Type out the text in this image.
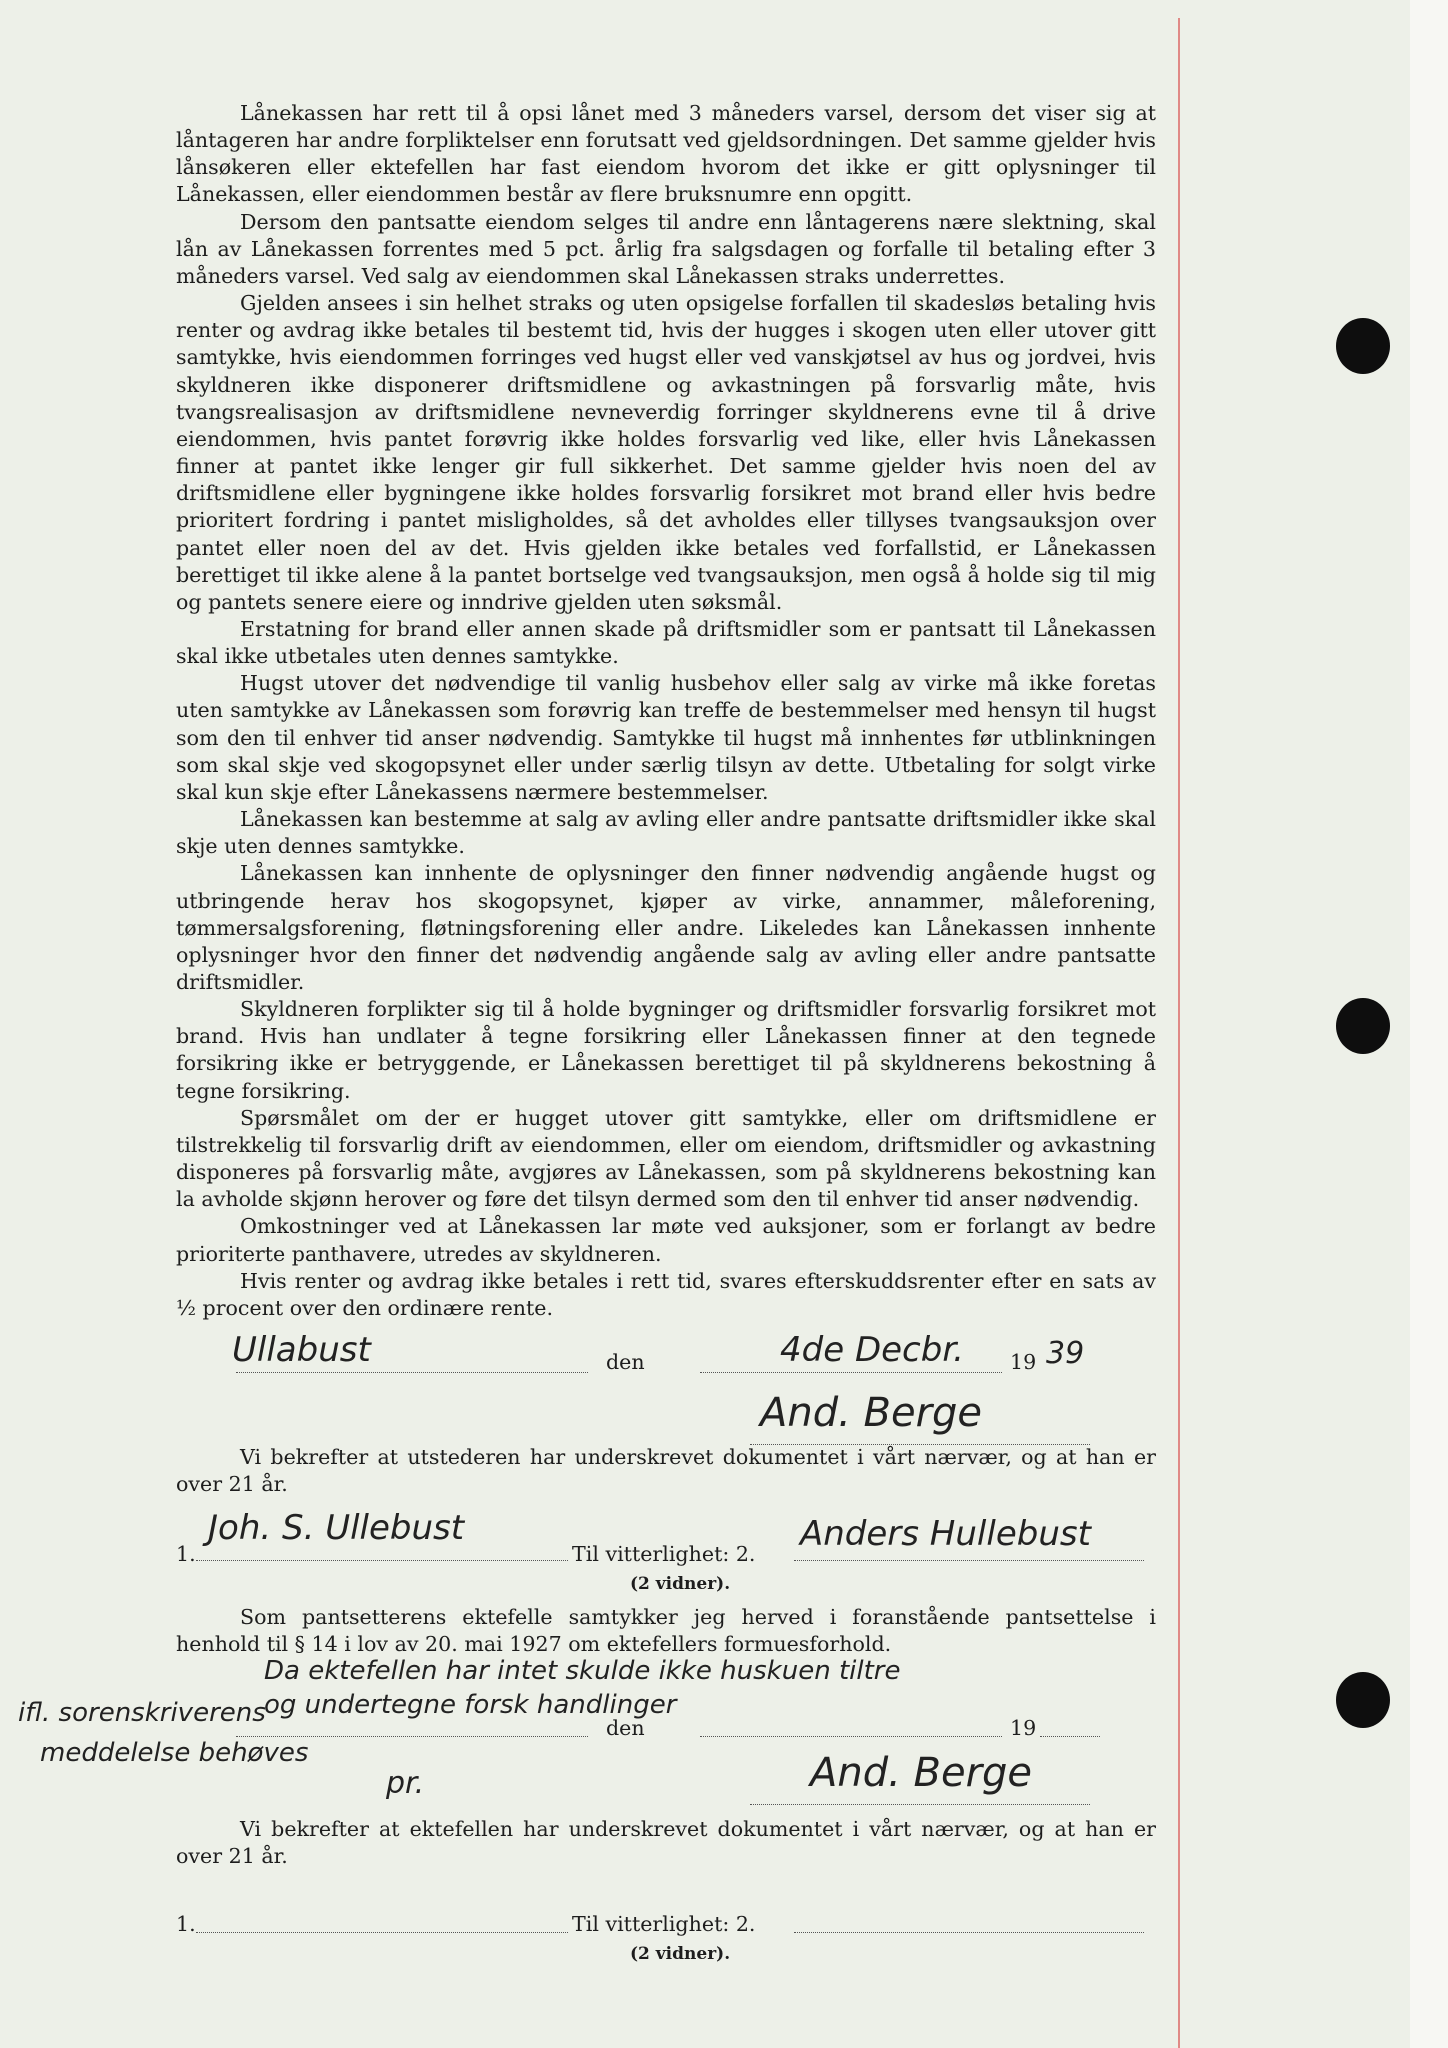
Lånekassen har rett til å opsi lånet med 3 måneders varsel, dersom det viser sig at låntageren har andre forpliktelser enn forutsatt ved gjeldsordningen. Det samme gjelder hvis lånsøkeren eller ektefellen har fast eiendom hvorom det ikke er gitt oplysninger til Lånekassen, eller eiendommen består av flere bruksnumre enn opgitt.

Dersom den pantsatte eiendom selges til andre enn låntagerens nære slektning, skal lån av Lånekassen forrentes med 5 pct. årlig fra salgsdagen og forfalle til betaling efter 3 måneders varsel. Ved salg av eiendommen skal Lånekassen straks underrettes.

Gjelden ansees i sin helhet straks og uten opsigelse forfallen til skadesløs betaling hvis renter og avdrag ikke betales til bestemt tid, hvis der hugges i skogen uten eller utover gitt samtykke, hvis eiendommen forringes ved hugst eller ved vanskjøtsel av hus og jordvei, hvis skyldneren ikke disponerer driftsmidlene og avkastningen på forsvarlig måte, hvis tvangsrealisasjon av driftsmidlene nevneverdig forringer skyldnerens evne til å drive eiendommen, hvis pantet forøvrig ikke holdes forsvarlig ved like, eller hvis Lånekassen finner at pantet ikke lenger gir full sikkerhet. Det samme gjelder hvis noen del av driftsmidlene eller bygningene ikke holdes forsvarlig forsikret mot brand eller hvis bedre prioritert fordring i pantet misligholdes, så det avholdes eller tillyses tvangsauksjon over pantet eller noen del av det. Hvis gjelden ikke betales ved forfallstid, er Lånekassen berettiget til ikke alene å la pantet bortselge ved tvangsauksjon, men også å holde sig til mig og pantets senere eiere og inndrive gjelden uten søksmål.

Erstatning for brand eller annen skade på driftsmidler som er pantsatt til Lånekassen skal ikke utbetales uten dennes samtykke.

Hugst utover det nødvendige til vanlig husbehov eller salg av virke må ikke foretas uten samtykke av Lånekassen som forøvrig kan treffe de bestemmelser med hensyn til hugst som den til enhver tid anser nødvendig. Samtykke til hugst må innhentes før utblinkningen som skal skje ved skogopsynet eller under særlig tilsyn av dette. Utbetaling for solgt virke skal kun skje efter Lånekassens nærmere bestemmelser.

Lånekassen kan bestemme at salg av avling eller andre pantsatte driftsmidler ikke skal skje uten dennes samtykke.

Lånekassen kan innhente de oplysninger den finner nødvendig angående hugst og utbringende herav hos skogopsynet, kjøper av virke, annammer, måleforening, tømmersalgsforening, fløtningsforening eller andre. Likeledes kan Lånekassen innhente oplysninger hvor den finner det nødvendig angående salg av avling eller andre pantsatte driftsmidler.

Skyldneren forplikter sig til å holde bygninger og driftsmidler forsvarlig forsikret mot brand. Hvis han undlater å tegne forsikring eller Lånekassen finner at den tegnede forsikring ikke er betryggende, er Lånekassen berettiget til på skyldnerens bekostning å tegne forsikring.

Spørsmålet om der er hugget utover gitt samtykke, eller om driftsmidlene er tilstrekkelig til forsvarlig drift av eiendommen, eller om eiendom, driftsmidler og avkastning disponeres på forsvarlig måte, avgjøres av Lånekassen, som på skyldnerens bekostning kan la avholde skjønn herover og føre det tilsyn dermed som den til enhver tid anser nødvendig.

Omkostninger ved at Lånekassen lar møte ved auksjoner, som er forlangt av bedre prioriterte panthavere, utredes av skyldneren.

Hvis renter og avdrag ikke betales i rett tid, svares efterskuddsrenter efter en sats av ½ procent over den ordinære rente.

Ullabust	den	4de Decbr. 19 39
And. Berge

Vi bekrefter at utstederen har underskrevet dokumentet i vårt nærvær, og at han er over 21 år.

1.
Joh. S. Ullebust
Til vitterlighet: 2. Anders Hullebust
(2 vidner).

Som pantsetterens ektefelle samtykker jeg herved i foranstående pantsettelse i henhold til § 14 i lov av 20. mai 1927 om ektefellers formuesforhold.

Da ektefellen har intet skulde ikke huskuen tiltre
og undertegne forsk handlinger
ifl. sorenskriverens
meddelelse behøves
den	19
pr.	And. Berge

Vi bekrefter at ektefellen har underskrevet dokumentet i vårt nærvær, og at han er over 21 år.

1.	Til vitterlighet: 2.
(2 vidner).
